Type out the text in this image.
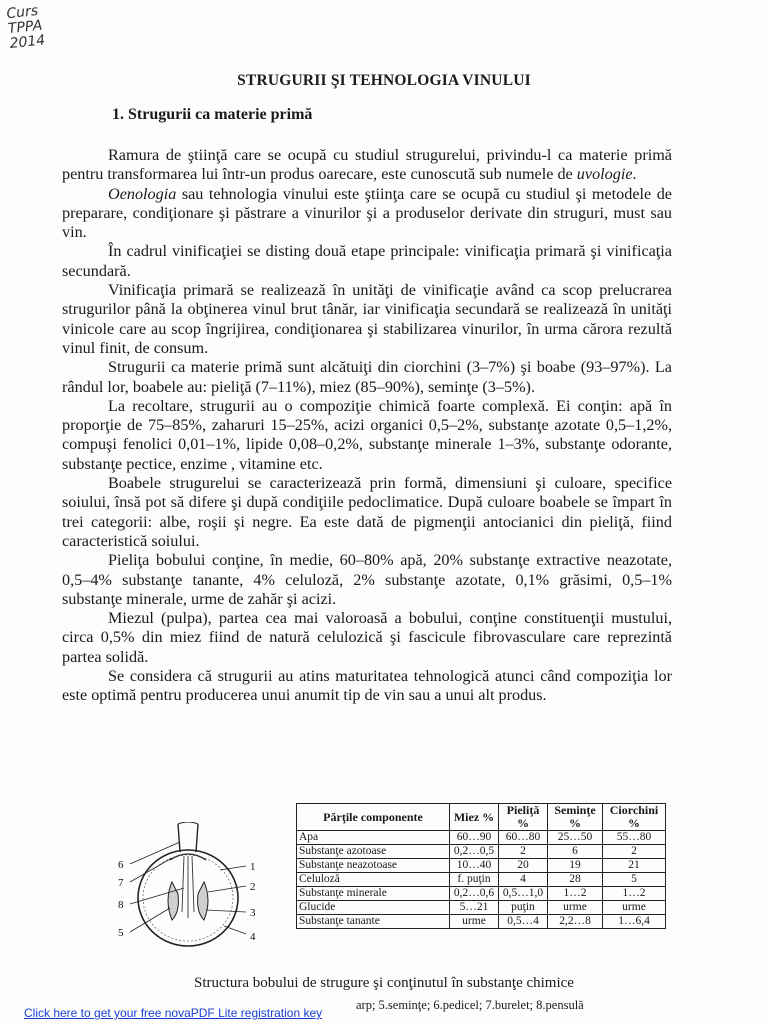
Curs
TPPA
2014
STRUGURII ŞI TEHNOLOGIA VINULUI
1. Strugurii ca materie primă

Ramura de ştiinţă care se ocupă cu studiul strugurelui, privindu-l ca materie primă pentru transformarea lui într-un produs oarecare, este cunoscută sub numele de uvologie.

Oenologia sau tehnologia vinului este ştiinţa care se ocupă cu studiul şi metodele de preparare, condiţionare şi păstrare a vinurilor şi a produselor derivate din struguri, must sau vin.

În cadrul vinificaţiei se disting două etape principale: vinificaţia primară şi vinificaţia secundară.

Vinificaţia primară se realizează în unităţi de vinificaţie având ca scop prelucrarea strugurilor până la obţinerea vinul brut tânăr, iar vinificaţia secundară se realizează în unităţi vinicole care au scop îngrijirea, condiţionarea şi stabilizarea vinurilor, în urma cărora rezultă vinul finit, de consum.

Strugurii ca materie primă sunt alcătuiţi din ciorchini (3–7%) şi boabe (93–97%). La rândul lor, boabele au: pieliţă (7–11%), miez (85–90%), seminţe (3–5%).

La recoltare, strugurii au o compoziţie chimică foarte complexă. Ei conţin: apă în proporţie de 75–85%, zaharuri 15–25%, acizi organici 0,5–2%, substanţe azotate 0,5–1,2%, compuşi fenolici 0,01–1%, lipide 0,08–0,2%, substanţe minerale 1–3%, substanţe odorante, substanţe pectice, enzime , vitamine etc.

Boabele strugurelui se caracterizează prin formă, dimensiuni şi culoare, specifice soiului, însă pot să difere şi după condiţiile pedoclimatice. După culoare boabele se împart în trei categorii: albe, roşii şi negre. Ea este dată de pigmenţii antocianici din pieliţă, fiind caracteristică soiului.

Pieliţa bobului conţine, în medie, 60–80% apă, 20% substanţe extractive neazotate, 0,5–4% substanţe tanante, 4% celuloză, 2% substanţe azotate, 0,1% grăsimi, 0,5–1% substanţe minerale, urme de zahăr şi acizi.

Miezul (pulpa), partea cea mai valoroasă a bobului, conţine constituenţii mustului, circa 0,5% din miez fiind de natură celulozică şi fascicule fibrovasculare care reprezintă partea solidă.

Se considera că strugurii au atins maturitatea tehnologică atunci când compoziţia lor este optimă pentru producerea unui anumit tip de vin sau a unui alt produs.

1
2
3
4
5
6
7
8
Părţile componente	Miez %	Pieliţă %	Seminţe %	Ciorchini %
Apa	60…90	60…80	25…50	55…80
Substanţe azotoase	0,2…0,5	2	6	2
Substanţe neazotoase	10…40	20	19	21
Celuloză	f. puţin	4	28	5
Substanţe minerale	0,2…0,6	0,5…1,0	1…2	1…2
Glucide	5…21	puţin	urme	urme
Substanţe tanante	urme	0,5…4	2,2…8	1…6,4
Structura bobului de strugure şi conţinutul în substanţe chimice
arp; 5.seminţe; 6.pedicel; 7.burelet; 8.pensulă
Click here to get your free novaPDF Lite registration key
